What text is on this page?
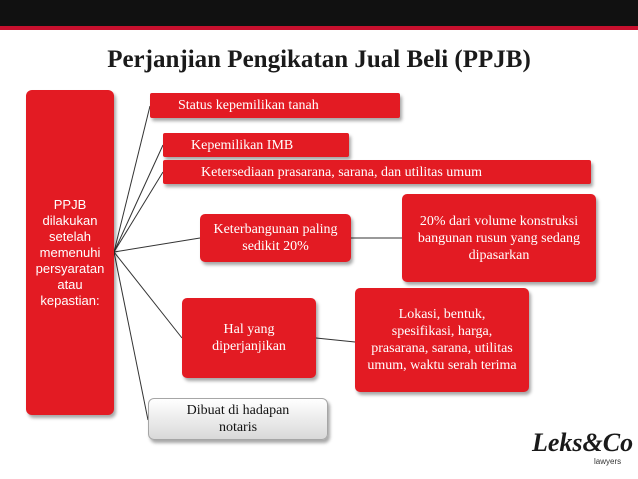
Perjanjian Pengikatan Jual Beli (PPJB)
PPJB dilakukan setelah memenuhi persyaratan atau kepastian:
Status kepemilikan tanah
Kepemilikan IMB
Ketersediaan prasarana, sarana, dan utilitas umum
Keterbangunan paling sedikit 20%
20% dari volume konstruksi bangunan rusun yang sedang dipasarkan
Hal yang diperjanjikan
Lokasi, bentuk, spesifikasi, harga, prasarana, sarana, utilitas umum, waktu serah terima
Dibuat di hadapan notaris
Leks&Co
lawyers
